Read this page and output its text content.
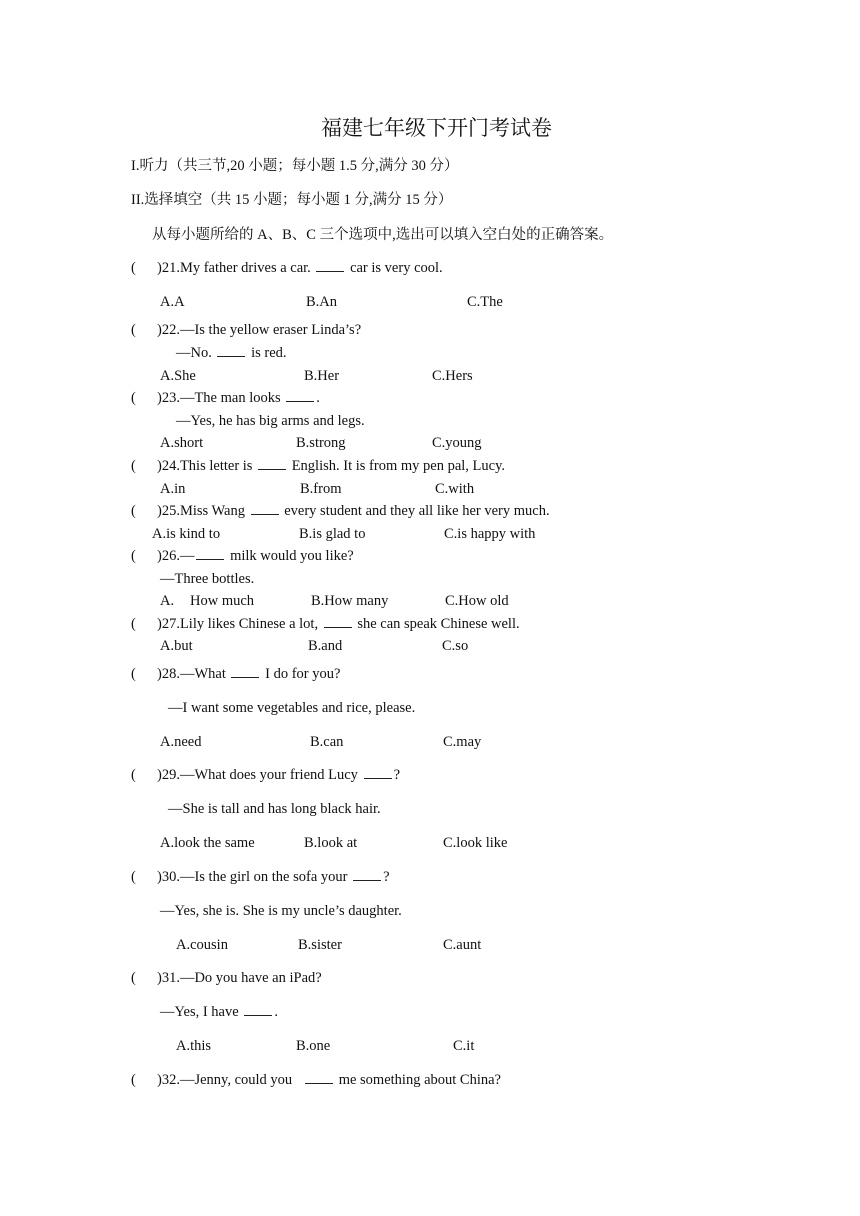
福建七年级下开门考试卷
I.听力（共三节,20 小题；每小题 1.5 分,满分 30 分）
II.选择填空（共 15 小题；每小题 1 分,满分 15 分）
从每小题所给的 A、B、C 三个选项中,选出可以填入空白处的正确答案。
( )21.My father drives a car.	car is very cool.
A.A	B.An	C.The
( )22.—Is the yellow eraser Linda’s?
—No.	is red.
A.She	B.Her	C.Hers
( )23.—The man looks .
—Yes, he has big arms and legs.
A.short	B.strong	C.young
( )24.This letter is	English. It is from my pen pal, Lucy.
A.in	B.from	C.with
( )25.Miss Wang	every student and they all like her very much.
A.is kind to	B.is glad to	C.is happy with
( )26.— milk would you like?
—Three bottles.
A. How much	B.How many	C.How old
( )27.Lily likes Chinese a lot,	she can speak Chinese well.
A.but	B.and	C.so
( )28.—What	I do for you?
—I want some vegetables and rice, please.
A.need	B.can	C.may
( )29.—What does your friend Lucy ?
—She is tall and has long black hair.
A.look the same	B.look at	C.look like
( )30.—Is the girl on the sofa your ?
—Yes, she is. She is my uncle’s daughter.
A.cousin	B.sister	C.aunt
( )31.—Do you have an iPad?
—Yes, I have .
A.this	B.one	C.it
( )32.—Jenny, could you	me something about China?
